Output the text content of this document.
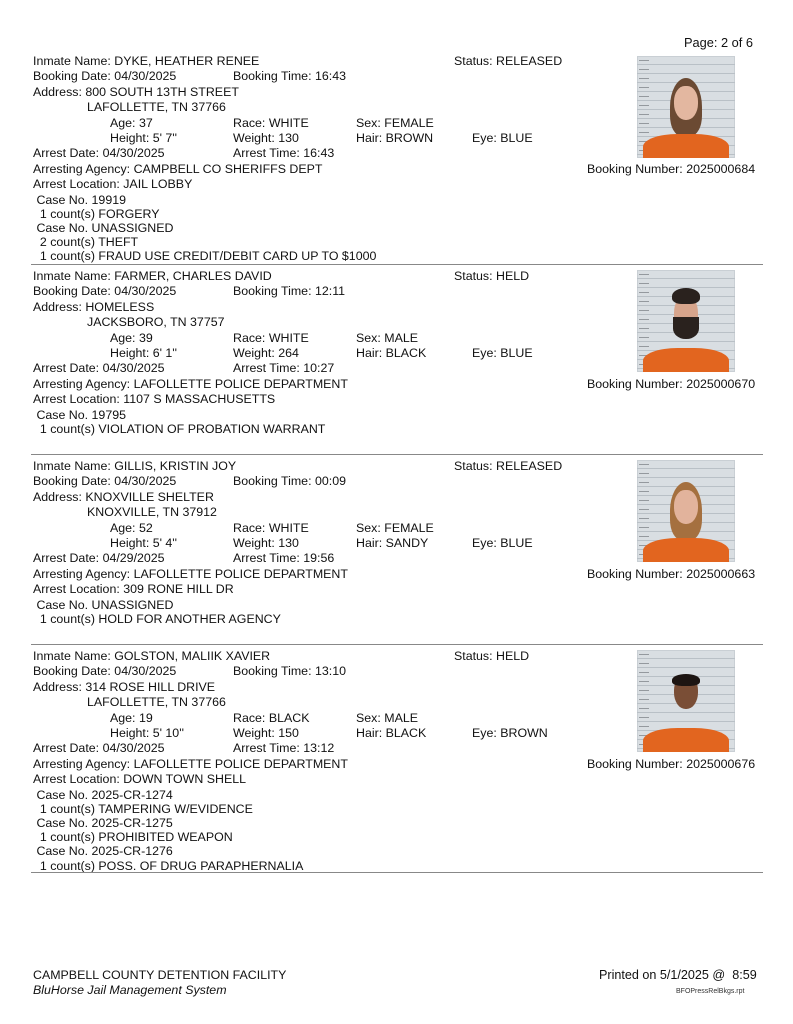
Page: 2 of 6
Inmate Name: DYKE, HEATHER RENEE	Status: RELEASED
Booking Date: 04/30/2025	Booking Time: 16:43
Address: 800 SOUTH 13TH STREET
LAFOLLETTE, TN 37766
Age: 37	Race: WHITE	Sex: FEMALE
Height: 5' 7''	Weight: 130	Hair: BROWN	Eye: BLUE
Arrest Date: 04/30/2025	Arrest Time: 16:43
Arresting Agency: CAMPBELL CO SHERIFFS DEPT	Booking Number: 2025000684
Arrest Location: JAIL LOBBY
Case No. 19919
1 count(s) FORGERY
Case No. UNASSIGNED
2 count(s) THEFT
1 count(s) FRAUD USE CREDIT/DEBIT CARD UP TO $1000
Inmate Name: FARMER, CHARLES DAVID	Status: HELD
Booking Date: 04/30/2025	Booking Time: 12:11
Address: HOMELESS
JACKSBORO, TN 37757
Age: 39	Race: WHITE	Sex: MALE
Height: 6' 1''	Weight: 264	Hair: BLACK	Eye: BLUE
Arrest Date: 04/30/2025	Arrest Time: 10:27
Arresting Agency: LAFOLLETTE POLICE DEPARTMENT	Booking Number: 2025000670
Arrest Location: 1107 S MASSACHUSETTS
Case No. 19795
1 count(s) VIOLATION OF PROBATION WARRANT
Inmate Name: GILLIS, KRISTIN JOY	Status: RELEASED
Booking Date: 04/30/2025	Booking Time: 00:09
Address: KNOXVILLE SHELTER
KNOXVILLE, TN 37912
Age: 52	Race: WHITE	Sex: FEMALE
Height: 5' 4''	Weight: 130	Hair: SANDY	Eye: BLUE
Arrest Date: 04/29/2025	Arrest Time: 19:56
Arresting Agency: LAFOLLETTE POLICE DEPARTMENT	Booking Number: 2025000663
Arrest Location: 309 RONE HILL DR
Case No. UNASSIGNED
1 count(s) HOLD FOR ANOTHER AGENCY
Inmate Name: GOLSTON, MALIIK XAVIER	Status: HELD
Booking Date: 04/30/2025	Booking Time: 13:10
Address: 314 ROSE HILL DRIVE
LAFOLLETTE, TN 37766
Age: 19	Race: BLACK	Sex: MALE
Height: 5' 10''	Weight: 150	Hair: BLACK	Eye: BROWN
Arrest Date: 04/30/2025	Arrest Time: 13:12
Arresting Agency: LAFOLLETTE POLICE DEPARTMENT	Booking Number: 2025000676
Arrest Location: DOWN TOWN SHELL
Case No. 2025-CR-1274
1 count(s) TAMPERING W/EVIDENCE
Case No. 2025-CR-1275
1 count(s) PROHIBITED WEAPON
Case No. 2025-CR-1276
1 count(s) POSS. OF DRUG PARAPHERNALIA
CAMPBELL COUNTY DETENTION FACILITY
BluHorse Jail Management System
Printed on 5/1/2025 @  8:59
BFOPressRelBkgs.rpt
